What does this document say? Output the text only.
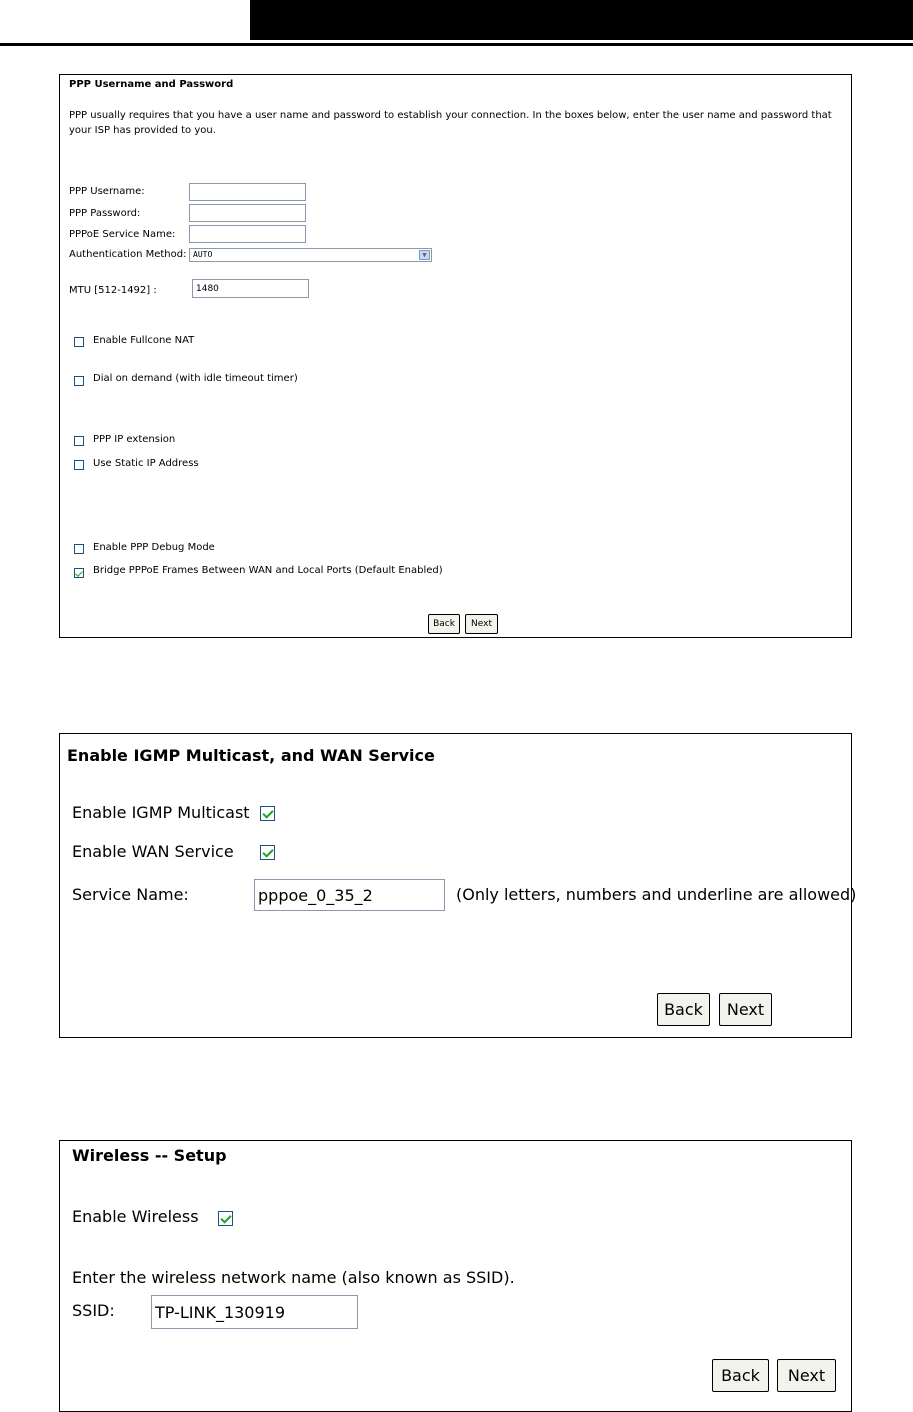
PPP Username and Password
PPP usually requires that you have a user name and password to establish your connection. In the boxes below, enter the user name and password that your ISP has provided to you.
PPP Username:
PPP Password:
PPPoE Service Name:
Authentication Method: AUTO	▼
MTU [512-1492] :
1480
Enable Fullcone NAT
Dial on demand (with idle timeout timer)
PPP IP extension
Use Static IP Address
Enable PPP Debug Mode
Bridge PPPoE Frames Between WAN and Local Ports (Default Enabled)
Back	Next
Enable IGMP Multicast, and WAN Service
Enable IGMP Multicast
Enable WAN Service
Service Name:
pppoe_0_35_2	(Only letters, numbers and underline are allowed)
Back	Next
Wireless -- Setup
Enable Wireless
Enter the wireless network name (also known as SSID).
SSID:
TP-LINK_130919
Back	Next
